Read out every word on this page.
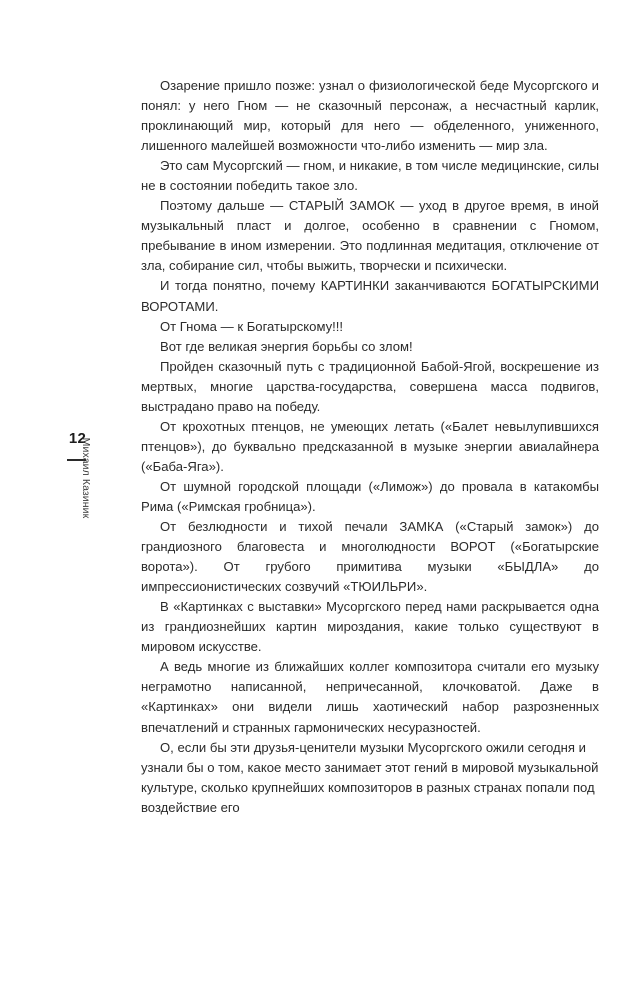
12
Михаил Казиник

Озарение пришло позже: узнал о физиологической беде Мусоргского и понял: у него Гном — не сказочный персонаж, а несчастный карлик, проклинающий мир, который для него — обделенного, униженного, лишенного малейшей возможности что-либо изменить — мир зла.

Это сам Мусоргский — гном, и никакие, в том числе медицинские, силы не в состоянии победить такое зло.

Поэтому дальше — СТАРЫЙ ЗАМОК — уход в другое время, в иной музыкальный пласт и долгое, особенно в сравнении с Гномом, пребывание в ином измерении. Это подлинная медитация, отключение от зла, собирание сил, чтобы выжить, творчески и психически.

И тогда понятно, почему КАРТИНКИ заканчиваются БОГАТЫРСКИМИ ВОРОТАМИ.

От Гнома — к Богатырскому!!!

Вот где великая энергия борьбы со злом!

Пройден сказочный путь с традиционной Бабой-Ягой, воскрешение из мертвых, многие царства-государства, совершена масса подвигов, выстрадано право на победу.

От крохотных птенцов, не умеющих летать («Балет невылупившихся птенцов»), до буквально предсказанной в музыке энергии авиалайнера («Баба-Яга»).

От шумной городской площади («Лимож») до провала в катакомбы Рима («Римская гробница»).

От безлюдности и тихой печали ЗАМКА («Старый замок») до грандиозного благовеста и многолюдности ВОРОТ («Богатырские ворота»). От грубого примитива музыки «БЫДЛА» до импрессионистических созвучий «ТЮИЛЬРИ».

В «Картинках с выставки» Мусоргского перед нами раскрывается одна из грандиознейших картин мироздания, какие только существуют в мировом искусстве.

А ведь многие из ближайших коллег композитора считали его музыку неграмотно написанной, непричесанной, клочковатой. Даже в «Картинках» они видели лишь хаотический набор разрозненных впечатлений и странных гармонических несуразностей.

О, если бы эти друзья-ценители музыки Мусоргского ожили сегодня и узнали бы о том, какое место занимает этот гений в мировой музыкальной культуре, сколько крупнейших композиторов в разных странах попали под воздействие его
